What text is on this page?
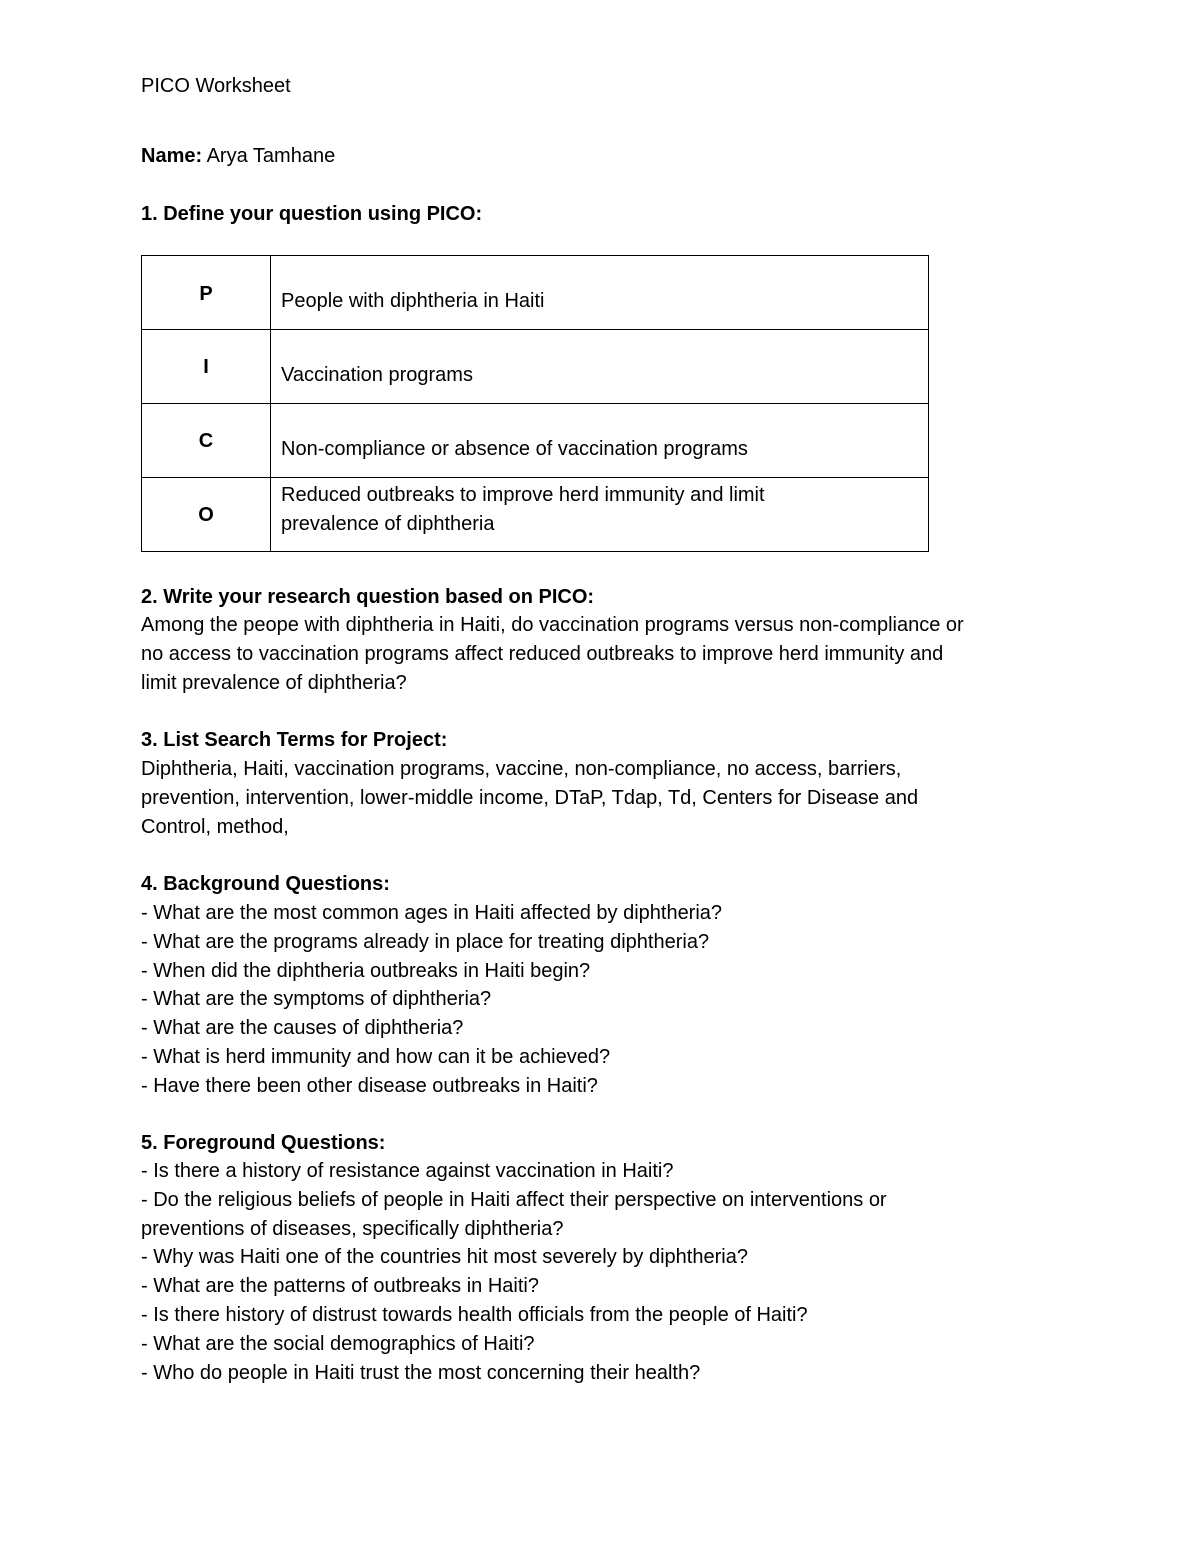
PICO Worksheet
Name: Arya Tamhane
1. Define your question using PICO:
P	People with diphtheria in Haiti

I	Vaccination programs

C	Non-compliance or absence of vaccination programs

O	Reduced outbreaks to improve herd immunity and limit
prevalence of diphtheria
2. Write your research question based on PICO:
Among the peope with diphtheria in Haiti, do vaccination programs versus non-compliance or
no access to vaccination programs affect reduced outbreaks to improve herd immunity and
limit prevalence of diphtheria?
3. List Search Terms for Project:
Diphtheria, Haiti, vaccination programs, vaccine, non-compliance, no access, barriers,
prevention, intervention, lower-middle income, DTaP, Tdap, Td, Centers for Disease and
Control, method,
4. Background Questions:
- What are the most common ages in Haiti affected by diphtheria?
- What are the programs already in place for treating diphtheria?
- When did the diphtheria outbreaks in Haiti begin?
- What are the symptoms of diphtheria?
- What are the causes of diphtheria?
- What is herd immunity and how can it be achieved?
- Have there been other disease outbreaks in Haiti?
5. Foreground Questions:
- Is there a history of resistance against vaccination in Haiti?
- Do the religious beliefs of people in Haiti affect their perspective on interventions or
preventions of diseases, specifically diphtheria?
- Why was Haiti one of the countries hit most severely by diphtheria?
- What are the patterns of outbreaks in Haiti?
- Is there history of distrust towards health officials from the people of Haiti?
- What are the social demographics of Haiti?
- Who do people in Haiti trust the most concerning their health?
